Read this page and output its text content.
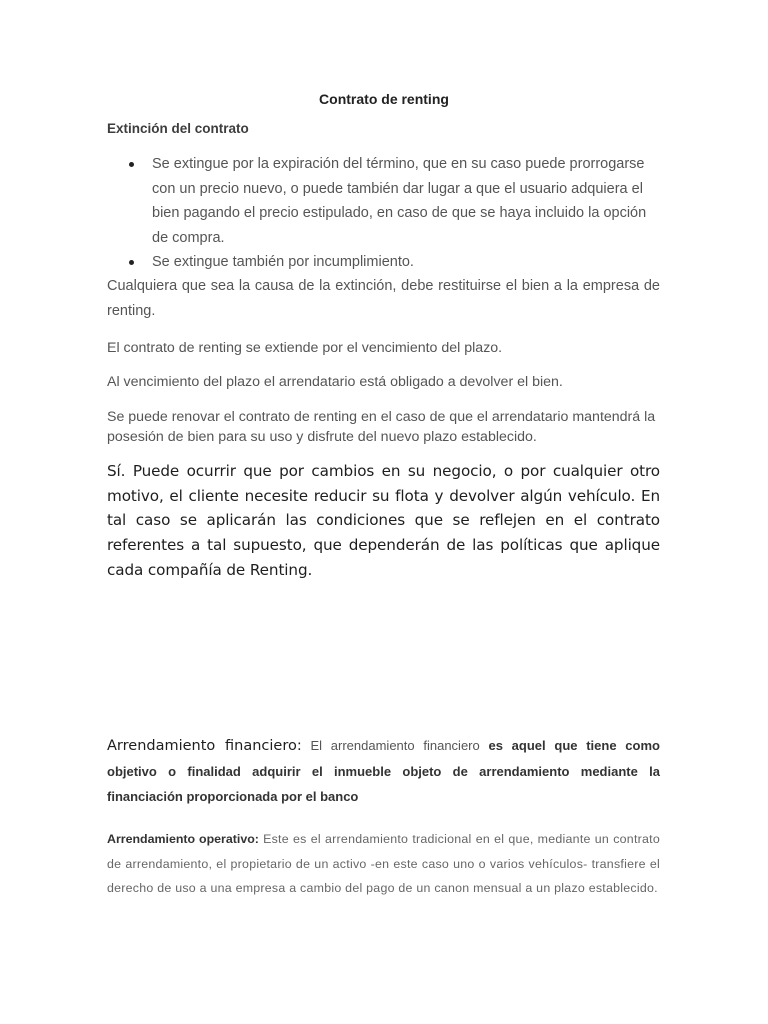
Contrato de renting
Extinción del contrato
Se extingue por la expiración del término, que en su caso puede prorrogarse con un precio nuevo, o puede también dar lugar a que el usuario adquiera el bien pagando el precio estipulado, en caso de que se haya incluido la opción de compra.
Se extingue también por incumplimiento.
Cualquiera que sea la causa de la extinción, debe restituirse el bien a la empresa de renting.
El contrato de renting se extiende por el vencimiento del plazo.
Al vencimiento del plazo el arrendatario está obligado a devolver el bien.
Se puede renovar el contrato de renting en el caso de que el arrendatario mantendrá la posesión de bien para su uso y disfrute del nuevo plazo establecido.
Sí. Puede ocurrir que por cambios en su negocio, o por cualquier otro motivo, el cliente necesite reducir su flota y devolver algún vehículo. En tal caso se aplicarán las condiciones que se reflejen en el contrato referentes a tal supuesto, que dependerán de las políticas que aplique cada compañía de Renting.
Arrendamiento financiero: El arrendamiento financiero es aquel que tiene como objetivo o finalidad adquirir el inmueble objeto de arrendamiento mediante la financiación proporcionada por el banco
Arrendamiento operativo: Este es el arrendamiento tradicional en el que, mediante un contrato de arrendamiento, el propietario de un activo -en este caso uno o varios vehículos- transfiere el derecho de uso a una empresa a cambio del pago de un canon mensual a un plazo establecido.
